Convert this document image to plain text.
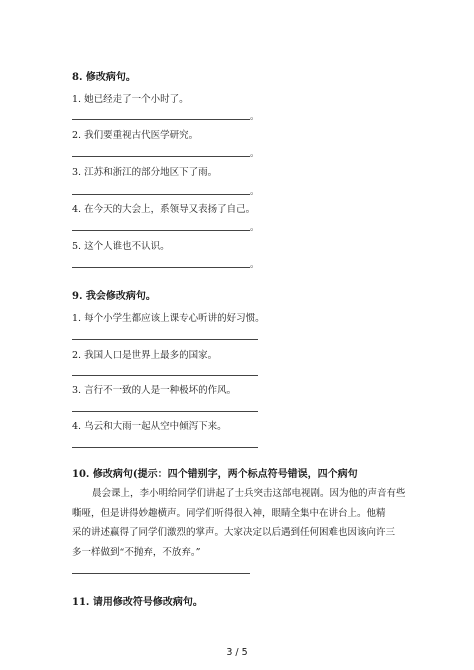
8. 修改病句。
1. 她已经走了一个小时了。
。
2. 我们要重视古代医学研究。
。
3. 江苏和浙江的部分地区下了雨。
。
4. 在今天的大会上，系领导又表扬了自己。
。
5. 这个人谁也不认识。
。
9. 我会修改病句。
1. 每个小学生都应该上课专心听讲的好习惯。
2. 我国人口是世界上最多的国家。
3. 言行不一致的人是一种极坏的作风。
4. 乌云和大雨一起从空中倾泻下来。
10. 修改病句(提示：四个错别字，两个标点符号错误，四个病句
晨会课上，李小明给同学们讲起了士兵突击这部电视剧。因为他的声音有些
嘶哑，但是讲得妙趣横声。同学们听得很入神，眼睛全集中在讲台上。他精
采的讲述赢得了同学们激烈的掌声。大家决定以后遇到任何困难也因该向许三
多一样做到“不抛弃，不放弃。”
11. 请用修改符号修改病句。
3 / 5
